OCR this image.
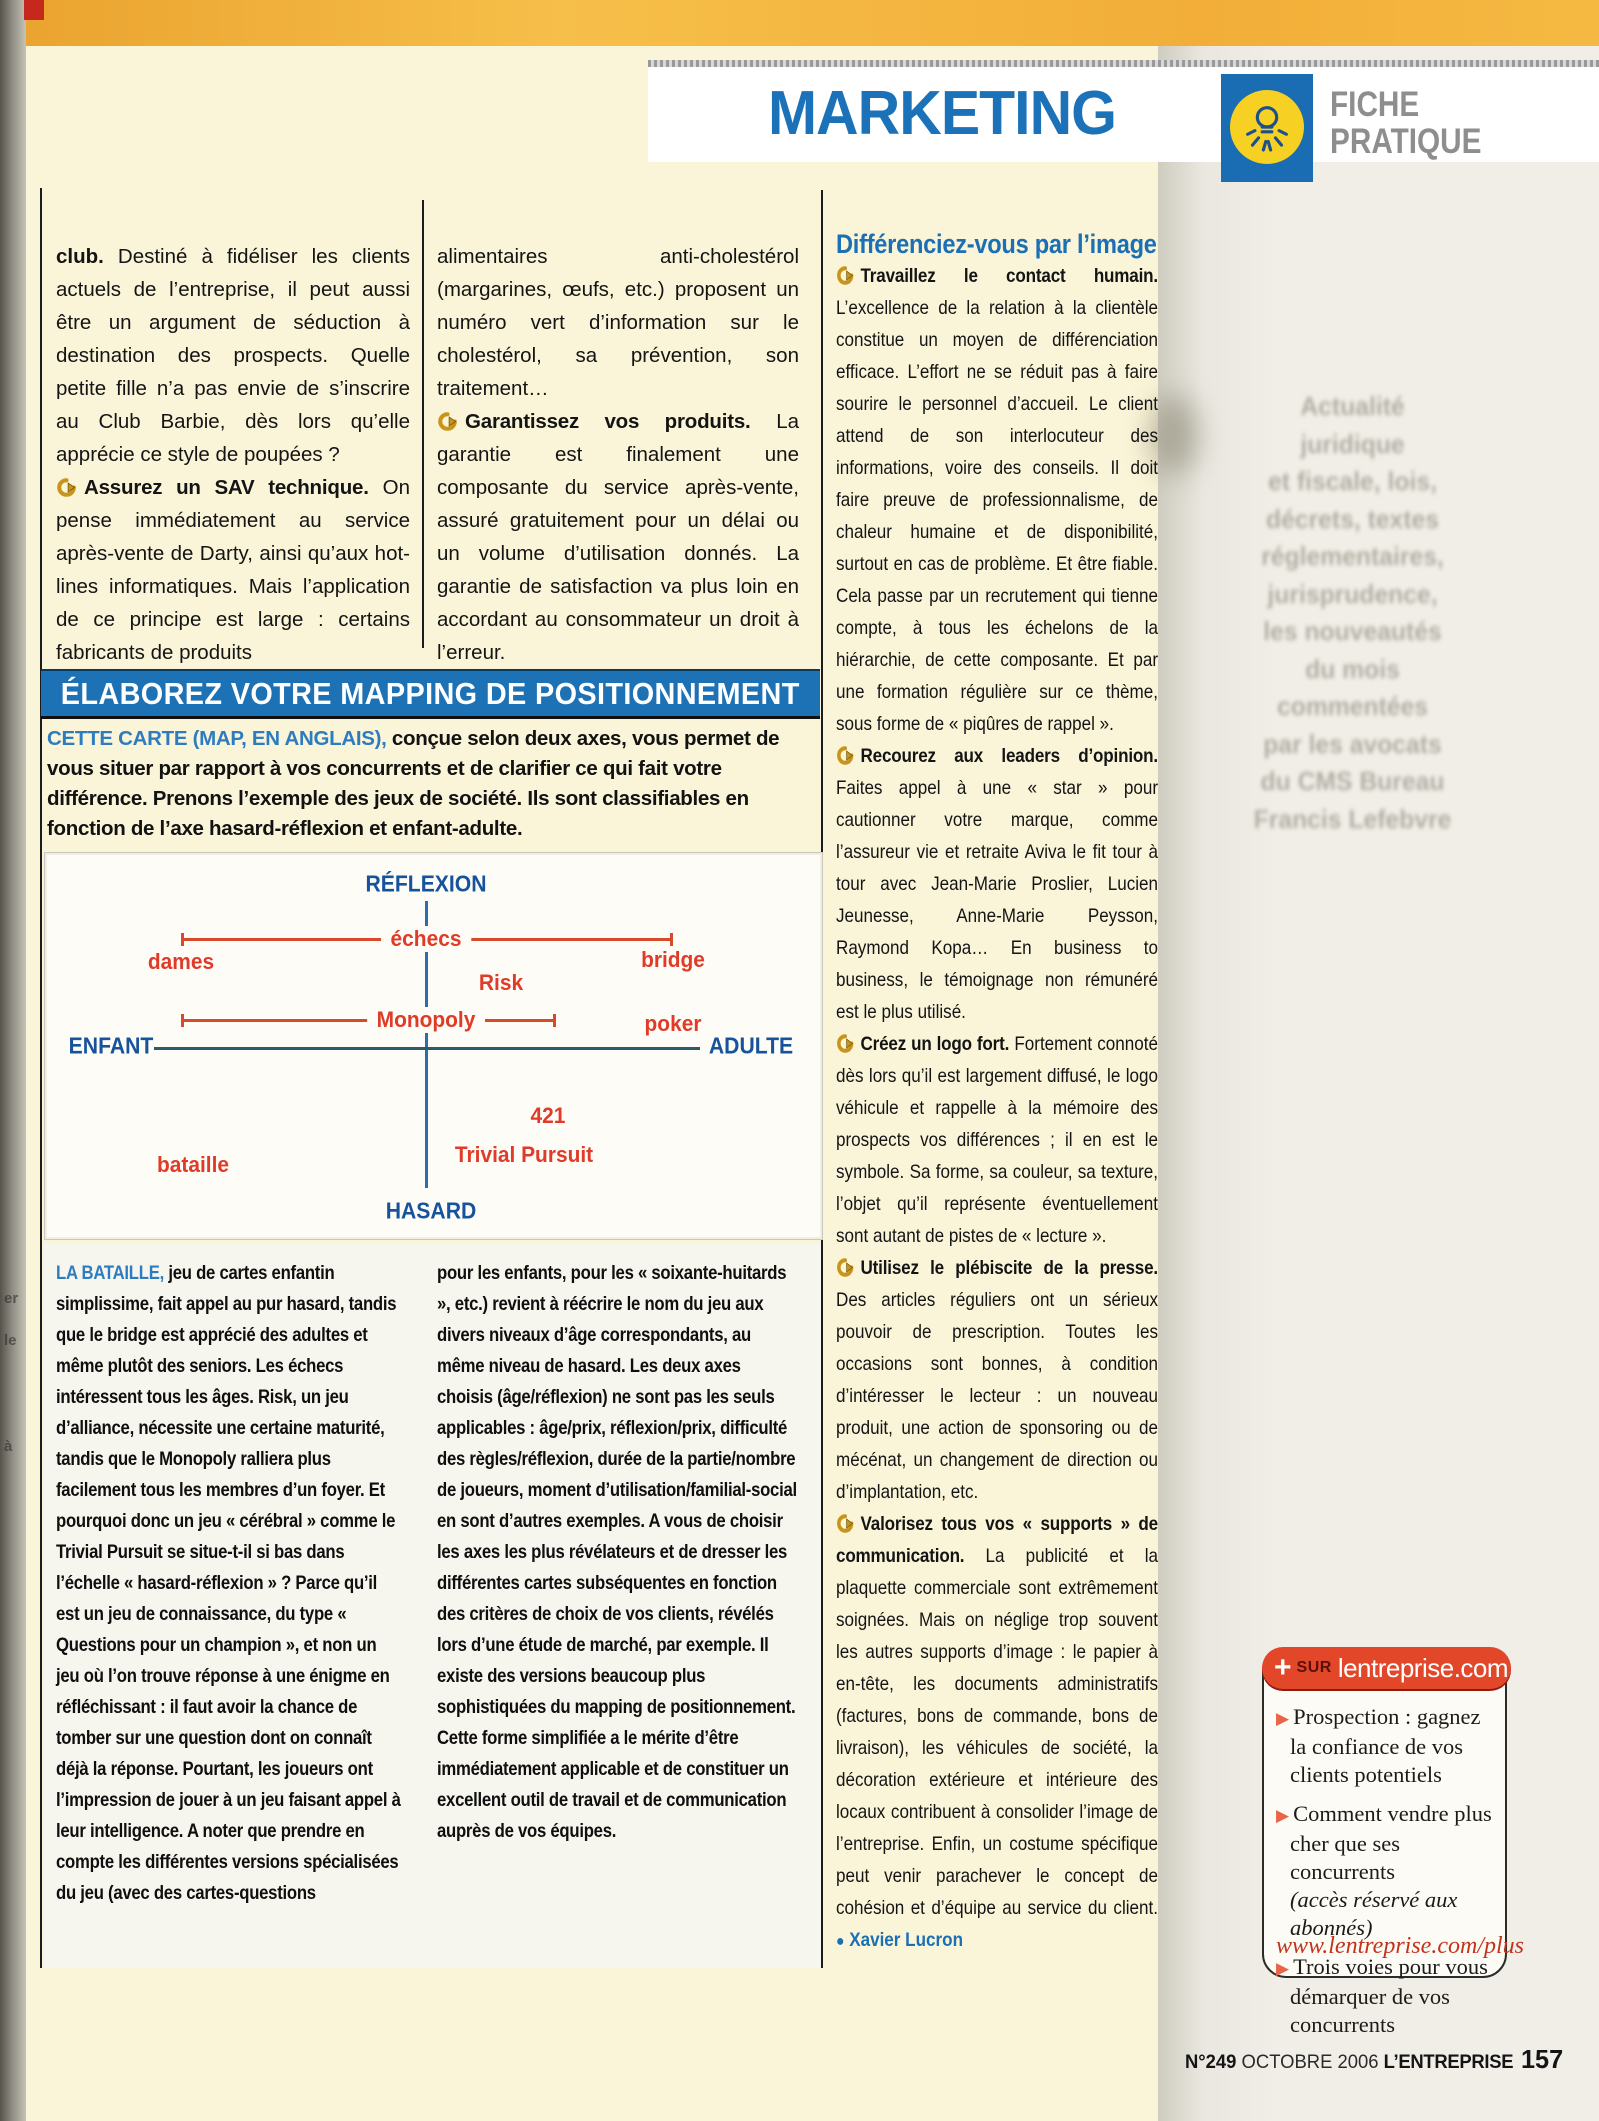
er
le
à
Actualité
juridique
et fiscale, lois,
décrets, textes
réglementaires,
jurisprudence,
les nouveautés
du mois
commentées
par les avocats
du CMS Bureau
Francis Lefebvre
MARKETING	FICHE
PRATIQUE

club. Destiné à fidéliser les clients actuels de l’entreprise, il peut aussi être un argument de séduction à destination des prospects. Quelle petite fille n’a pas envie de s’inscrire au Club Barbie, dès lors qu’elle apprécie ce style de poupées ?

Assurez un SAV technique. On pense immédiatement au service après-vente de Darty, ainsi qu’aux hot-lines informatiques. Mais l’application de ce principe est large : certains fabricants de produits

alimentaires anti-cholestérol (margarines, œufs, etc.) proposent un numéro vert d’information sur le cholestérol, sa prévention, son traitement…

Garantissez vos produits. La garantie est finalement une composante du service après-vente, assuré gratuitement pour un délai ou un volume d’utilisation donnés. La garantie de satisfaction va plus loin en accordant au consommateur un droit à l’erreur.

Différenciez-vous par l’image

Travaillez le contact humain. L’excellence de la relation à la clientèle constitue un moyen de différenciation efficace. L’effort ne se réduit pas à faire sourire le personnel d’accueil. Le client attend de son interlocuteur des informations, voire des conseils. Il doit faire preuve de professionnalisme, de chaleur humaine et de disponibilité, surtout en cas de problème. Et être fiable. Cela passe par un recrutement qui tienne compte, à tous les échelons de la hiérarchie, de cette composante. Et par une formation régulière sur ce thème, sous forme de « piqûres de rappel ».

Recourez aux leaders d’opinion. Faites appel à une « star » pour cautionner votre marque, comme l’assureur vie et retraite Aviva le fit tour à tour avec Jean-Marie Proslier, Lucien Jeunesse, Anne-Marie Peysson, Raymond Kopa… En business to business, le témoignage non rémunéré est le plus utilisé.

Créez un logo fort. Fortement connoté dès lors qu’il est largement diffusé, le logo véhicule et rappelle à la mémoire des prospects vos différences ; il en est le symbole. Sa forme, sa couleur, sa texture, l’objet qu’il représente éventuellement sont autant de pistes de « lecture ».

Utilisez le plébiscite de la presse. Des articles réguliers ont un sérieux pouvoir de prescription. Toutes les occasions sont bonnes, à condition d’intéresser le lecteur : un nouveau produit, une action de sponsoring ou de mécénat, un changement de direction ou d’implantation, etc.

Valorisez tous vos « supports » de communication. La publicité et la plaquette commerciale sont extrêmement soignées. Mais on néglige trop souvent les autres supports d’image : le papier à en-tête, les documents administratifs (factures, bons de commande, bons de livraison), les véhicules de société, la décoration extérieure et intérieure des locaux contribuent à consolider l’image de l’entreprise. Enfin, un costume spécifique peut venir parachever le concept de cohésion et d’équipe au service du client. ● Xavier Lucron

ÉLABOREZ VOTRE MAPPING DE POSITIONNEMENT
CETTE CARTE (MAP, EN ANGLAIS), conçue selon deux axes, vous permet de vous situer par rapport à vos concurrents et de clarifier ce qui fait votre différence. Prenons l’exemple des jeux de société. Ils sont classifiables en fonction de l’axe hasard-réflexion et enfant-adulte.
RÉFLEXION
ENFANT	ADULTE
HASARD
échecs
dames	bridge
Risk
Monopoly	poker
421
Trivial Pursuit
bataille
LA BATAILLE, jeu de cartes enfantin simplissime, fait appel au pur hasard, tandis que le bridge est apprécié des adultes et même plutôt des seniors. Les échecs intéressent tous les âges. Risk, un jeu d’alliance, nécessite une certaine maturité, tandis que le Monopoly ralliera plus facilement tous les membres d’un foyer. Et pourquoi donc un jeu « cérébral » comme le Trivial Pursuit se situe-t-il si bas dans l’échelle « hasard-réflexion » ? Parce qu’il est un jeu de connaissance, du type « Questions pour un champion », et non un jeu où l’on trouve réponse à une énigme en réfléchissant : il faut avoir la chance de tomber sur une question dont on connaît déjà la réponse. Pourtant, les joueurs ont l’impression de jouer à un jeu faisant appel à leur intelligence. A noter que prendre en compte les différentes versions spécialisées du jeu (avec des cartes-questions
pour les enfants, pour les « soixante-huitards », etc.) revient à réécrire le nom du jeu aux divers niveaux d’âge correspondants, au même niveau de hasard. Les deux axes choisis (âge/réflexion) ne sont pas les seuls applicables : âge/prix, réflexion/prix, difficulté des règles/réflexion, durée de la partie/nombre de joueurs, moment d’utilisation/familial-social en sont d’autres exemples. A vous de choisir les axes les plus révélateurs et de dresser les différentes cartes subséquentes en fonction des critères de choix de vos clients, révélés lors d’une étude de marché, par exemple. Il existe des versions beaucoup plus sophistiquées du mapping de positionnement. Cette forme simplifiée a le mérite d’être immédiatement applicable et de constituer un excellent outil de travail et de communication auprès de vos équipes.
+ SUR lentreprise.com
▶ Prospection : gagnez la confiance de vos clients potentiels
▶ Comment vendre plus cher que ses concurrents
(accès réservé aux abonnés)
▶ Trois voies pour vous démarquer de vos concurrents
www.lentreprise.com/plus
N°249 OCTOBRE 2006 L’ENTREPRISE 157
